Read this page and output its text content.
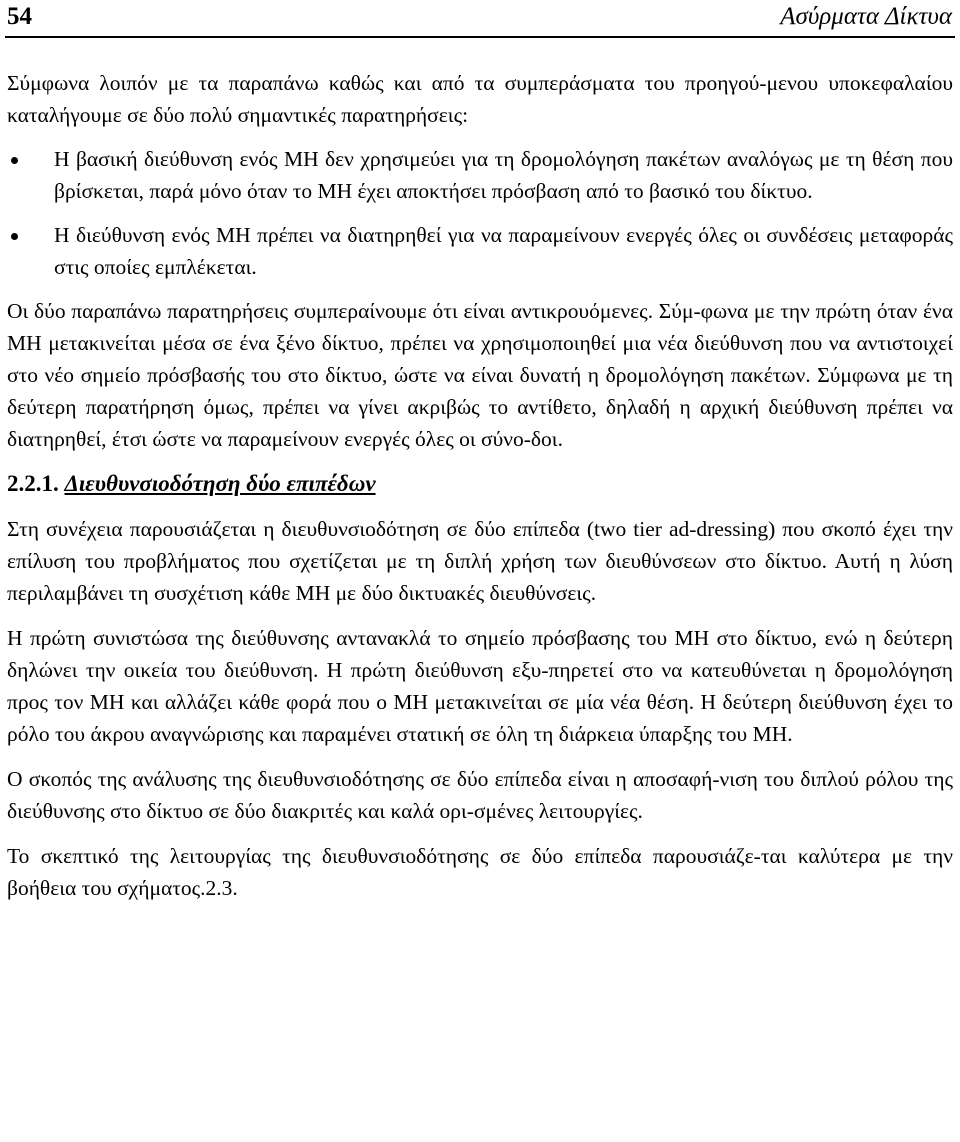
54	Ασύρματα Δίκτυα

Σύμφωνα λοιπόν με τα παραπάνω καθώς και από τα συμπεράσματα του προηγού-μενου υποκεφαλαίου καταλήγουμε σε δύο πολύ σημαντικές παρατηρήσεις:

Η βασική διεύθυνση ενός ΜΗ δεν χρησιμεύει για τη δρομολόγηση πακέτων αναλόγως με τη θέση που βρίσκεται, παρά μόνο όταν το ΜΗ έχει αποκτήσει πρόσβαση από το βασικό του δίκτυο.
Η διεύθυνση ενός ΜΗ πρέπει να διατηρηθεί για να παραμείνουν ενεργές όλες οι συνδέσεις μεταφοράς στις οποίες εμπλέκεται.

Οι δύο παραπάνω παρατηρήσεις συμπεραίνουμε ότι είναι αντικρουόμενες. Σύμ-φωνα με την πρώτη όταν ένα ΜΗ μετακινείται μέσα σε ένα ξένο δίκτυο, πρέπει να χρησιμοποιηθεί μια νέα διεύθυνση που να αντιστοιχεί στο νέο σημείο πρόσβασής του στο δίκτυο, ώστε να είναι δυνατή η δρομολόγηση πακέτων. Σύμφωνα με τη δεύτερη παρατήρηση όμως, πρέπει να γίνει ακριβώς το αντίθετο, δηλαδή η αρχική διεύθυνση πρέπει να διατηρηθεί, έτσι ώστε να παραμείνουν ενεργές όλες οι σύνο-δοι.

2.2.1. Διευθυνσιοδότηση δύο επιπέδων

Στη συνέχεια παρουσιάζεται η διευθυνσιοδότηση σε δύο επίπεδα (two tier ad-dressing) που σκοπό έχει την επίλυση του προβλήματος που σχετίζεται με τη διπλή χρήση των διευθύνσεων στο δίκτυο. Αυτή η λύση περιλαμβάνει τη συσχέτιση κάθε ΜΗ με δύο δικτυακές διευθύνσεις.

Η πρώτη συνιστώσα της διεύθυνσης αντανακλά το σημείο πρόσβασης του ΜΗ στο δίκτυο, ενώ η δεύτερη δηλώνει την οικεία του διεύθυνση. Η πρώτη διεύθυνση εξυ-πηρετεί στο να κατευθύνεται η δρομολόγηση προς τον ΜΗ και αλλάζει κάθε φορά που ο ΜΗ μετακινείται σε μία νέα θέση. Η δεύτερη διεύθυνση έχει το ρόλο του άκρου αναγνώρισης και παραμένει στατική σε όλη τη διάρκεια ύπαρξης του ΜΗ.

Ο σκοπός της ανάλυσης της διευθυνσιοδότησης σε δύο επίπεδα είναι η αποσαφή-νιση του διπλού ρόλου της διεύθυνσης στο δίκτυο σε δύο διακριτές και καλά ορι-σμένες λειτουργίες.

Το σκεπτικό της λειτουργίας της διευθυνσιοδότησης σε δύο επίπεδα παρουσιάζε-ται καλύτερα με την βοήθεια του σχήματος.2.3.
